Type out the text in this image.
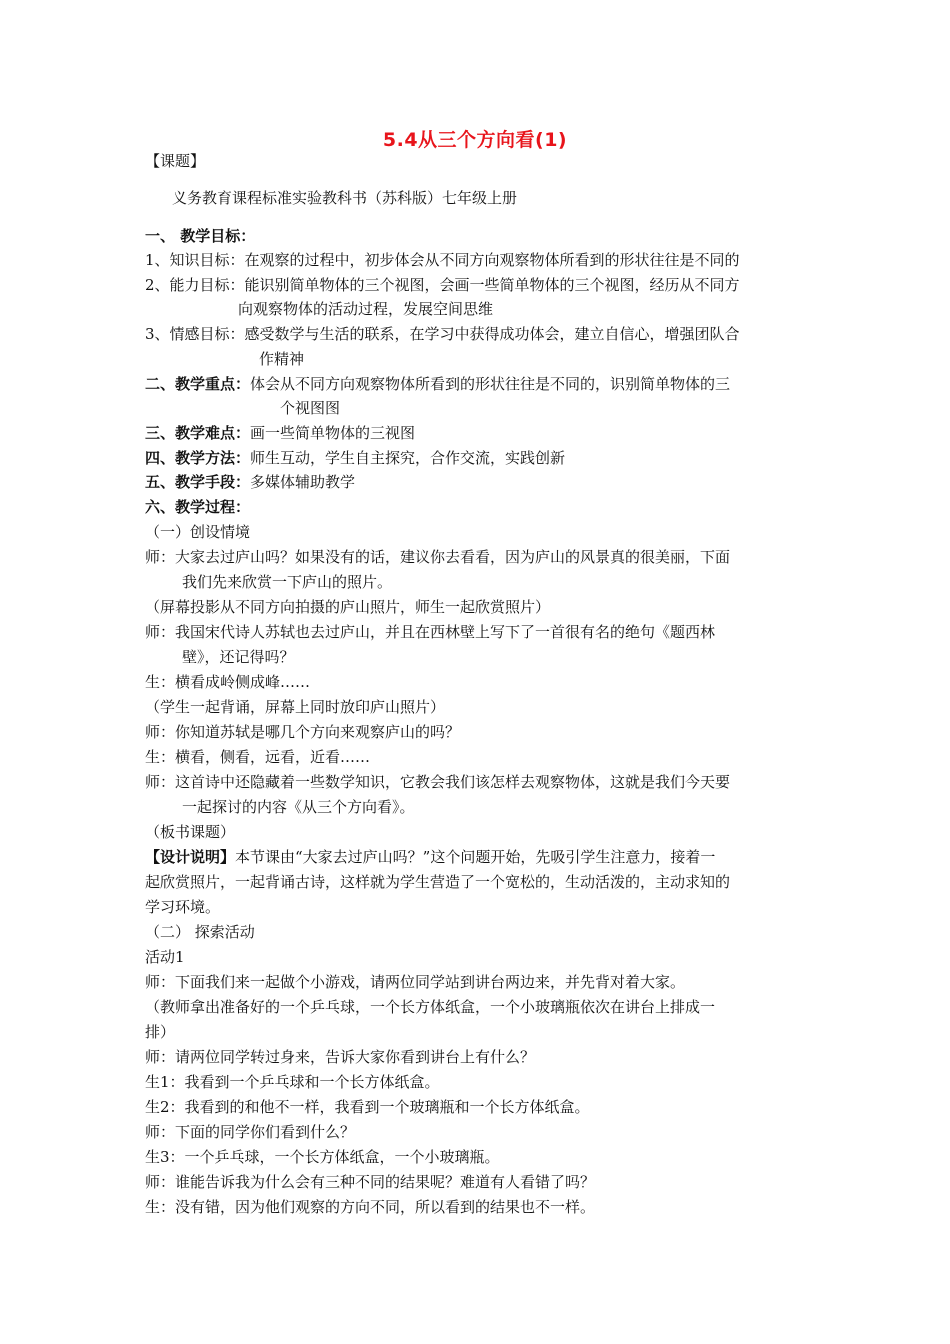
5.4从三个方向看(1)
【课题】
义务教育课程标准实验教科书（苏科版）七年级上册
一、 教学目标：
1、知识目标：在观察的过程中，初步体会从不同方向观察物体所看到的形状往往是不同的
2、能力目标：能识别简单物体的三个视图，会画一些简单物体的三个视图，经历从不同方
向观察物体的活动过程，发展空间思维
3、情感目标：感受数学与生活的联系，在学习中获得成功体会，建立自信心，增强团队合
作精神
二、教学重点：体会从不同方向观察物体所看到的形状往往是不同的，识别简单物体的三
个视图图
三、教学难点：画一些简单物体的三视图
四、教学方法：师生互动，学生自主探究，合作交流，实践创新
五、教学手段：多媒体辅助教学
六、教学过程：
（一）创设情境
师：大家去过庐山吗？如果没有的话，建议你去看看，因为庐山的风景真的很美丽，下面
我们先来欣赏一下庐山的照片。
（屏幕投影从不同方向拍摄的庐山照片，师生一起欣赏照片）
师：我国宋代诗人苏轼也去过庐山，并且在西林壁上写下了一首很有名的绝句《题西林
壁》，还记得吗？
生：横看成岭侧成峰……
（学生一起背诵，屏幕上同时放印庐山照片）
师：你知道苏轼是哪几个方向来观察庐山的吗？
生：横看，侧看，远看，近看……
师：这首诗中还隐藏着一些数学知识，它教会我们该怎样去观察物体，这就是我们今天要
一起探讨的内容《从三个方向看》。
（板书课题）
【设计说明】本节课由“大家去过庐山吗？”这个问题开始，先吸引学生注意力，接着一
起欣赏照片，一起背诵古诗，这样就为学生营造了一个宽松的，生动活泼的，主动求知的
学习环境。
（二） 探索活动
活动1
师：下面我们来一起做个小游戏，请两位同学站到讲台两边来，并先背对着大家。
（教师拿出准备好的一个乒乓球，一个长方体纸盒，一个小玻璃瓶依次在讲台上排成一
排）
师：请两位同学转过身来，告诉大家你看到讲台上有什么？
生1：我看到一个乒乓球和一个长方体纸盒。
生2：我看到的和他不一样，我看到一个玻璃瓶和一个长方体纸盒。
师：下面的同学你们看到什么？
生3：一个乒乓球，一个长方体纸盒，一个小玻璃瓶。
师：谁能告诉我为什么会有三种不同的结果呢？难道有人看错了吗？
生：没有错，因为他们观察的方向不同，所以看到的结果也不一样。
